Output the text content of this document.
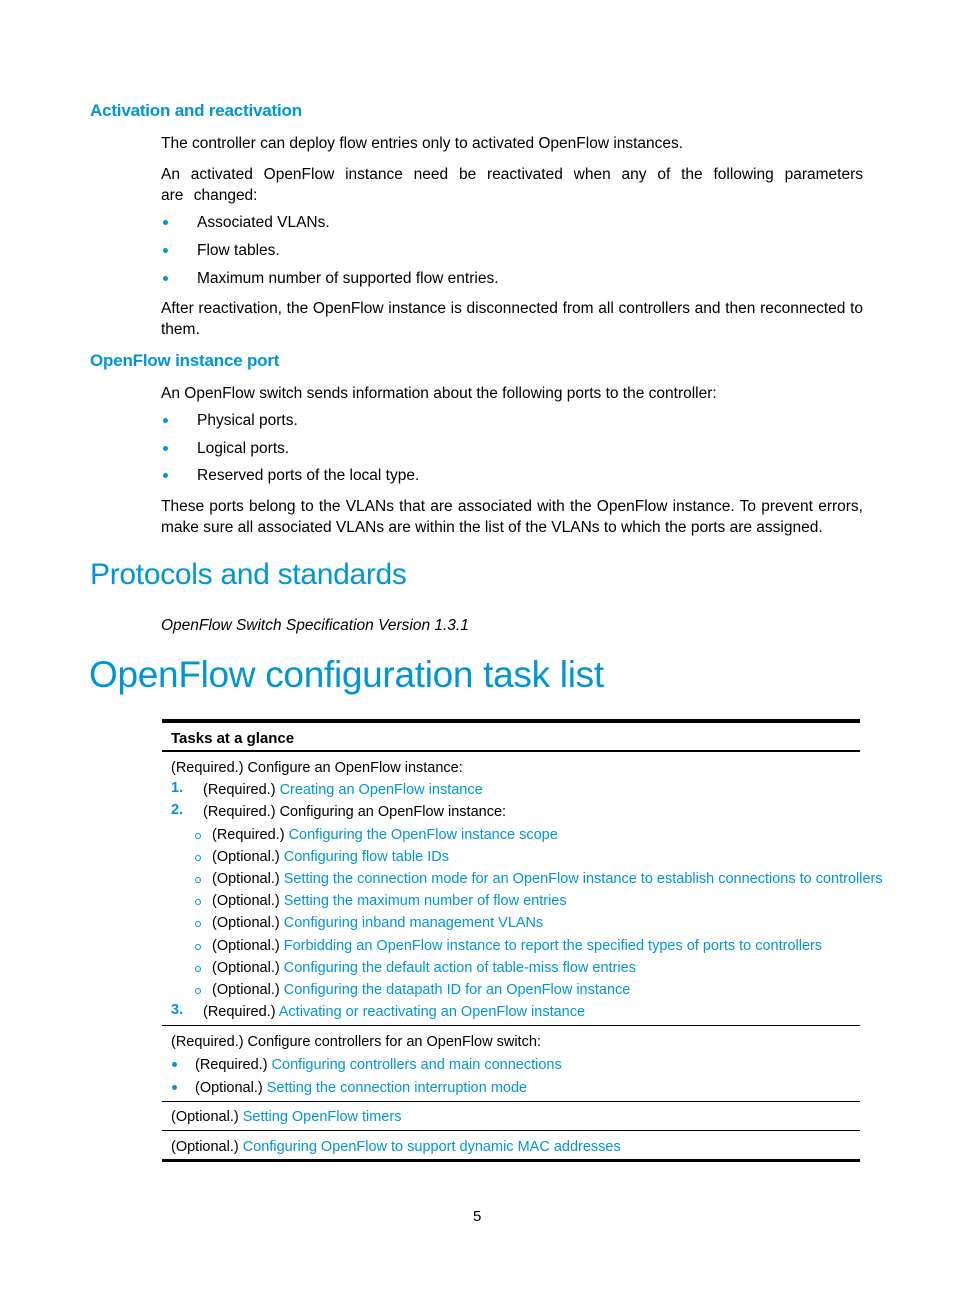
Activation and reactivation
The controller can deploy flow entries only to activated OpenFlow instances.
An activated OpenFlow instance need be reactivated when any of the following parameters are changed:
Associated VLANs.
Flow tables.
Maximum number of supported flow entries.
After reactivation, the OpenFlow instance is disconnected from all controllers and then reconnected to them.
OpenFlow instance port
An OpenFlow switch sends information about the following ports to the controller:
Physical ports.
Logical ports.
Reserved ports of the local type.
These ports belong to the VLANs that are associated with the OpenFlow instance. To prevent errors, make sure all associated VLANs are within the list of the VLANs to which the ports are assigned.
Protocols and standards
OpenFlow Switch Specification Version 1.3.1
OpenFlow configuration task list
Tasks at a glance
(Required.) Configure an OpenFlow instance:
1. (Required.) Creating an OpenFlow instance
2. (Required.) Configuring an OpenFlow instance:
(Required.) Configuring the OpenFlow instance scope
(Optional.) Configuring flow table IDs
(Optional.) Setting the connection mode for an OpenFlow instance to establish connections to controllers
(Optional.) Setting the maximum number of flow entries
(Optional.) Configuring inband management VLANs
(Optional.) Forbidding an OpenFlow instance to report the specified types of ports to controllers
(Optional.) Configuring the default action of table-miss flow entries
(Optional.) Configuring the datapath ID for an OpenFlow instance
3. (Required.) Activating or reactivating an OpenFlow instance
(Required.) Configure controllers for an OpenFlow switch:
(Required.) Configuring controllers and main connections
(Optional.) Setting the connection interruption mode
(Optional.) Setting OpenFlow timers
(Optional.) Configuring OpenFlow to support dynamic MAC addresses
5
